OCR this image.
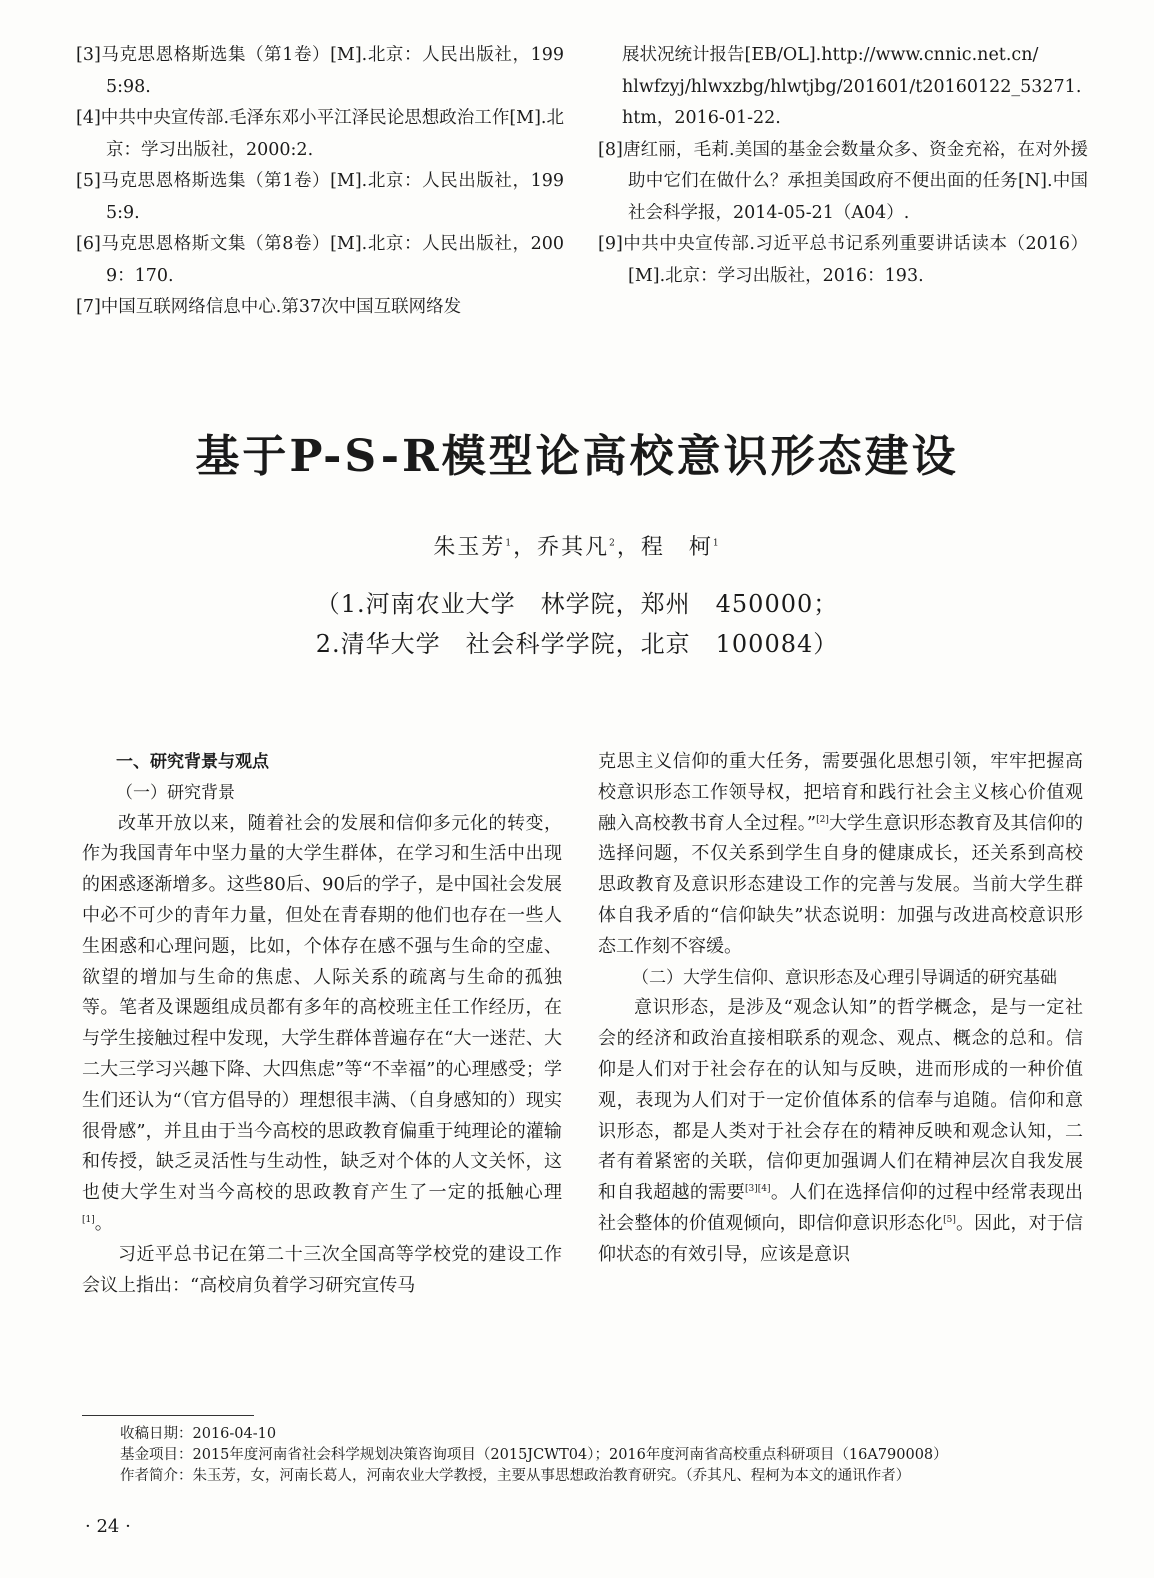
[3]马克思恩格斯选集（第1卷）[M].北京：人民出版社，1995:98.
[4]中共中央宣传部.毛泽东邓小平江泽民论思想政治工作[M].北京：学习出版社，2000:2.
[5]马克思恩格斯选集（第1卷）[M].北京：人民出版社，1995:9.
[6]马克思恩格斯文集（第8卷）[M].北京：人民出版社，2009：170.
[7]中国互联网络信息中心.第37次中国互联网络发
展状况统计报告[EB/OL].http://www.cnnic.net.cn/
hlwfzyj/hlwxzbg/hlwtjbg/201601/t20160122_53271.
htm，2016-01-22.
[8]唐红丽，毛莉.美国的基金会数量众多、资金充裕，在对外援助中它们在做什么？承担美国政府不便出面的任务[N].中国社会科学报，2014-05-21（A04）.
[9]中共中央宣传部.习近平总书记系列重要讲话读本（2016）[M].北京：学习出版社，2016：193.
基于P-S-R模型论高校意识形态建设
朱玉芳$^1$，乔其凡$^2$，程　柯$^1$
（1.河南农业大学　林学院，郑州　450000；
2.清华大学　社会科学学院，北京　100084）

一、研究背景与观点

（一）研究背景

改革开放以来，随着社会的发展和信仰多元化的转变，作为我国青年中坚力量的大学生群体，在学习和生活中出现的困惑逐渐增多。这些80后、90后的学子，是中国社会发展中必不可少的青年力量，但处在青春期的他们也存在一些人生困惑和心理问题，比如，个体存在感不强与生命的空虚、欲望的增加与生命的焦虑、人际关系的疏离与生命的孤独等。笔者及课题组成员都有多年的高校班主任工作经历，在与学生接触过程中发现，大学生群体普遍存在“大一迷茫、大二大三学习兴趣下降、大四焦虑”等“不幸福”的心理感受；学生们还认为“（官方倡导的）理想很丰满、（自身感知的）现实很骨感”，并且由于当今高校的思政教育偏重于纯理论的灌输和传授，缺乏灵活性与生动性，缺乏对个体的人文关怀，这也使大学生对当今高校的思政教育产生了一定的抵触心理[1]。

习近平总书记在第二十三次全国高等学校党的建设工作会议上指出：“高校肩负着学习研究宣传马

克思主义信仰的重大任务，需要强化思想引领，牢牢把握高校意识形态工作领导权，把培育和践行社会主义核心价值观融入高校教书育人全过程。”[2]大学生意识形态教育及其信仰的选择问题，不仅关系到学生自身的健康成长，还关系到高校思政教育及意识形态建设工作的完善与发展。当前大学生群体自我矛盾的“信仰缺失”状态说明：加强与改进高校意识形态工作刻不容缓。

（二）大学生信仰、意识形态及心理引导调适的研究基础

意识形态，是涉及“观念认知”的哲学概念，是与一定社会的经济和政治直接相联系的观念、观点、概念的总和。信仰是人们对于社会存在的认知与反映，进而形成的一种价值观，表现为人们对于一定价值体系的信奉与追随。信仰和意识形态，都是人类对于社会存在的精神反映和观念认知，二者有着紧密的关联，信仰更加强调人们在精神层次自我发展和自我超越的需要[3][4]。人们在选择信仰的过程中经常表现出社会整体的价值观倾向，即信仰意识形态化[5]。因此，对于信仰状态的有效引导，应该是意识

收稿日期：2016-04-10

基金项目：2015年度河南省社会科学规划决策咨询项目（2015JCWT04）；2016年度河南省高校重点科研项目（16A790008）

作者简介：朱玉芳，女，河南长葛人，河南农业大学教授，主要从事思想政治教育研究。（乔其凡、程柯为本文的通讯作者）

· 24 ·
